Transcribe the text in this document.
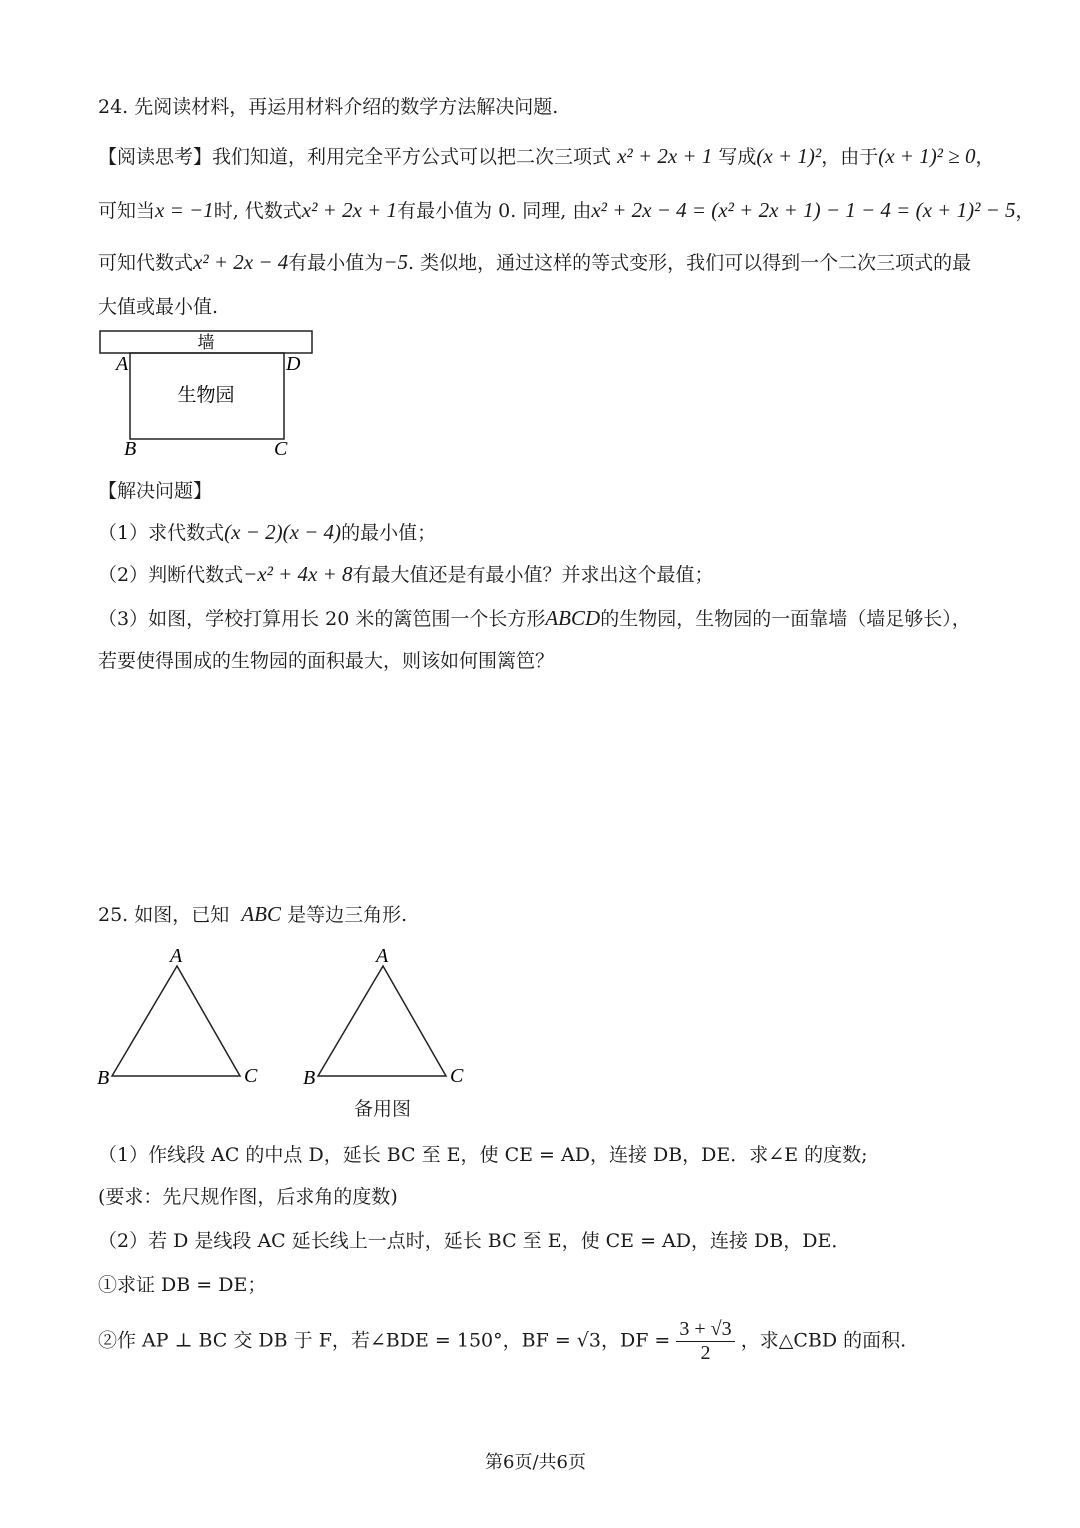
24. 先阅读材料，再运用材料介绍的数学方法解决问题.
【阅读思考】我们知道，利用完全平方公式可以把二次三项式 x² + 2x + 1 写成(x + 1)²，由于(x + 1)² ≥ 0，
可知当x = −1时, 代数式x² + 2x + 1有最小值为 0. 同理, 由x² + 2x − 4 = (x² + 2x + 1) − 1 − 4 = (x + 1)² − 5，
可知代数式x² + 2x − 4有最小值为−5. 类似地，通过这样的等式变形，我们可以得到一个二次三项式的最
大值或最小值.
墙
生物园
A	D
B	C
【解决问题】
（1）求代数式(x − 2)(x − 4)的最小值；
（2）判断代数式−x² + 4x + 8有最大值还是有最小值？并求出这个最值；
（3）如图，学校打算用长 20 米的篱笆围一个长方形ABCD的生物园，生物园的一面靠墙（墙足够长），
若要使得围成的生物园的面积最大，则该如何围篱笆？
25. 如图，已知 ABC 是等边三角形.
A
B	C
A
B	C
备用图
（1）作线段 AC 的中点 D，延长 BC 至 E，使 CE = AD，连接 DB，DE．求∠E 的度数;
(要求：先尺规作图，后求角的度数)
（2）若 D 是线段 AC 延长线上一点时，延长 BC 至 E，使 CE = AD，连接 DB，DE．
①求证 DB = DE；
②作 AP ⊥ BC 交 DB 于 F，若∠BDE = 150°，BF = √3，DF = $\frac{3 + √3}{2}$ ，求△CBD 的面积.
第6页/共6页
